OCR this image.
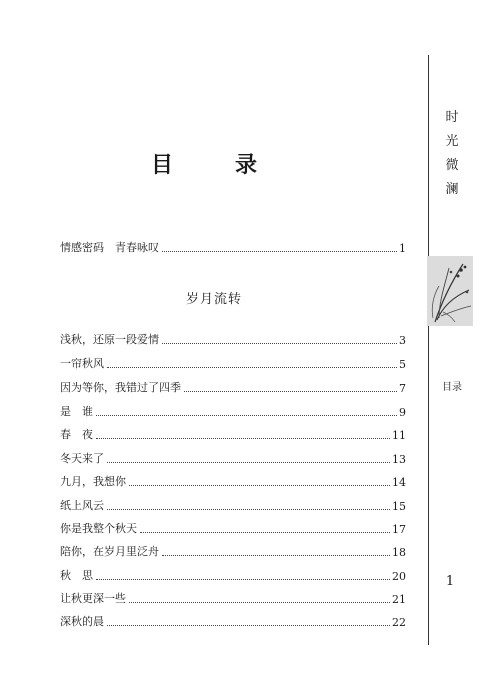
目　录
情感密码　青春咏叹	1
岁月流转
浅秋，还原一段爱情	3
一帘秋风	5
因为等你，我错过了四季	7
是　谁	9
春　夜	11
冬天来了	13
九月，我想你	14
纸上风云	15
你是我整个秋天	17
陪你，在岁月里泛舟	18
秋　思	20
让秋更深一些	21
深秋的晨	22
时光微澜
目录
1
